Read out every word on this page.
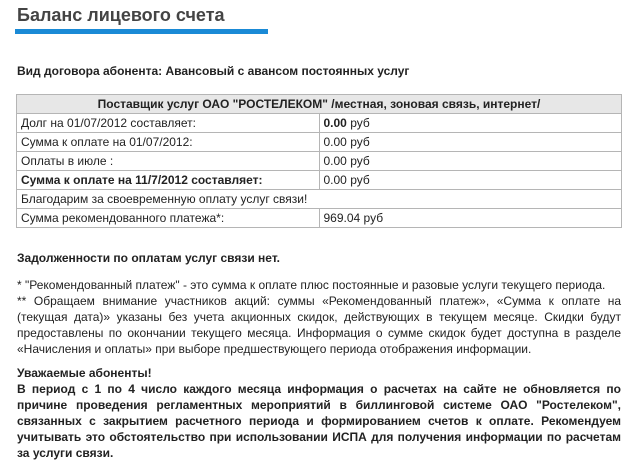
Баланс лицевого счета
Вид договора абонента: Авансовый с авансом постоянных услуг
Поставщик услуг ОАО "РОСТЕЛЕКОМ" /местная, зоновая связь, интернет/	
Долг на 01/07/2012 составляет:	0.00 руб
Сумма к оплате на 01/07/2012:	0.00 руб
Оплаты в июле :	0.00 руб
Сумма к оплате на 11/7/2012 составляет:	0.00 руб
Благодарим за своевременную оплату услуг связи!	
Сумма рекомендованного платежа*:	969.04 руб
Задолженности по оплатам услуг связи нет.

* "Рекомендованный платеж" - это сумма к оплате плюс постоянные и разовые услуги текущего периода.

** Обращаем внимание участников акций: суммы «Рекомендованный платеж», «Сумма к оплате на (текущая дата)» указаны без учета акционных скидок, действующих в текущем месяце. Скидки будут предоставлены по окончании текущего месяца. Информация о сумме скидок будет доступна в разделе «Начисления и оплаты» при выборе предшествующего периода отображения информации.

Уважаемые абоненты!

В период с 1 по 4 число каждого месяца информация о расчетах на сайте не обновляется по причине проведения регламентных мероприятий в биллинговой системе ОАО "Ростелеком", связанных с закрытием расчетного периода и формированием счетов к оплате. Рекомендуем учитывать это обстоятельство при использовании ИСПА для получения информации по расчетам за услуги связи.
